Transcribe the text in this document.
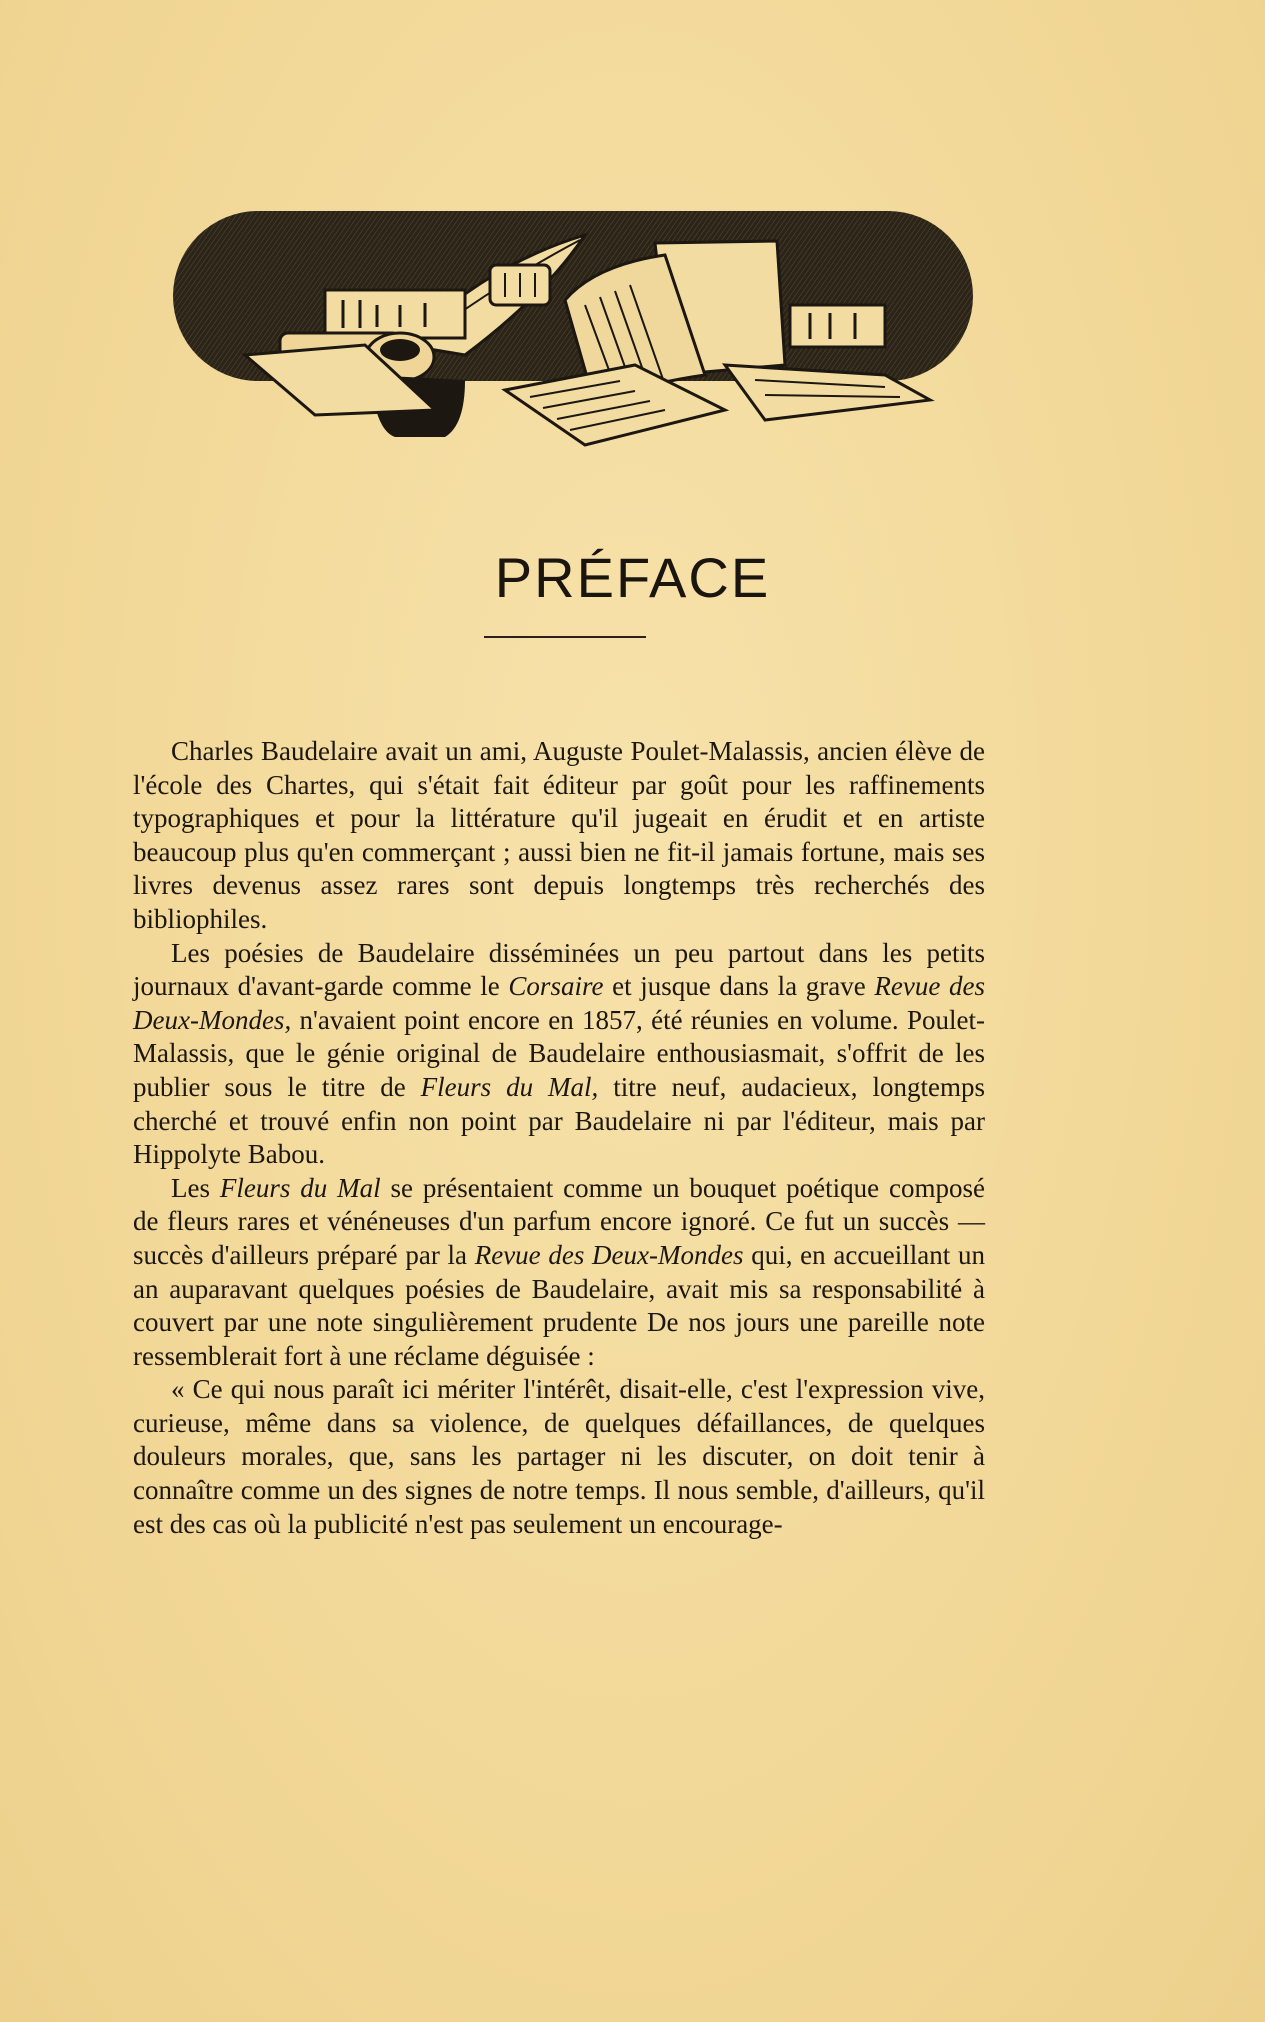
PRÉFACE

Charles Baudelaire avait un ami, Auguste Poulet-Malassis, ancien élève de l'école des Chartes, qui s'était fait éditeur par goût pour les raffinements typographiques et pour la littérature qu'il jugeait en érudit et en artiste beaucoup plus qu'en commerçant ; aussi bien ne fit-il jamais fortune, mais ses livres devenus assez rares sont depuis longtemps très recherchés des bibliophiles.

Les poésies de Baudelaire disséminées un peu partout dans les petits journaux d'avant-garde comme le Corsaire et jusque dans la grave Revue des Deux-Mondes, n'avaient point encore en 1857, été réunies en volume. Poulet-Malassis, que le génie original de Baudelaire enthousiasmait, s'offrit de les publier sous le titre de Fleurs du Mal, titre neuf, audacieux, longtemps cherché et trouvé enfin non point par Baudelaire ni par l'éditeur, mais par Hippolyte Babou.

Les Fleurs du Mal se présentaient comme un bouquet poétique composé de fleurs rares et vénéneuses d'un parfum encore ignoré. Ce fut un succès — succès d'ailleurs préparé par la Revue des Deux-Mondes qui, en accueillant un an auparavant quelques poésies de Baudelaire, avait mis sa responsabilité à couvert par une note singulièrement prudente De nos jours une pareille note ressemblerait fort à une réclame déguisée :

« Ce qui nous paraît ici mériter l'intérêt, disait-elle, c'est l'expression vive, curieuse, même dans sa violence, de quelques défaillances, de quelques douleurs morales, que, sans les partager ni les discuter, on doit tenir à connaître comme un des signes de notre temps. Il nous semble, d'ailleurs, qu'il est des cas où la publicité n'est pas seulement un encourage-
